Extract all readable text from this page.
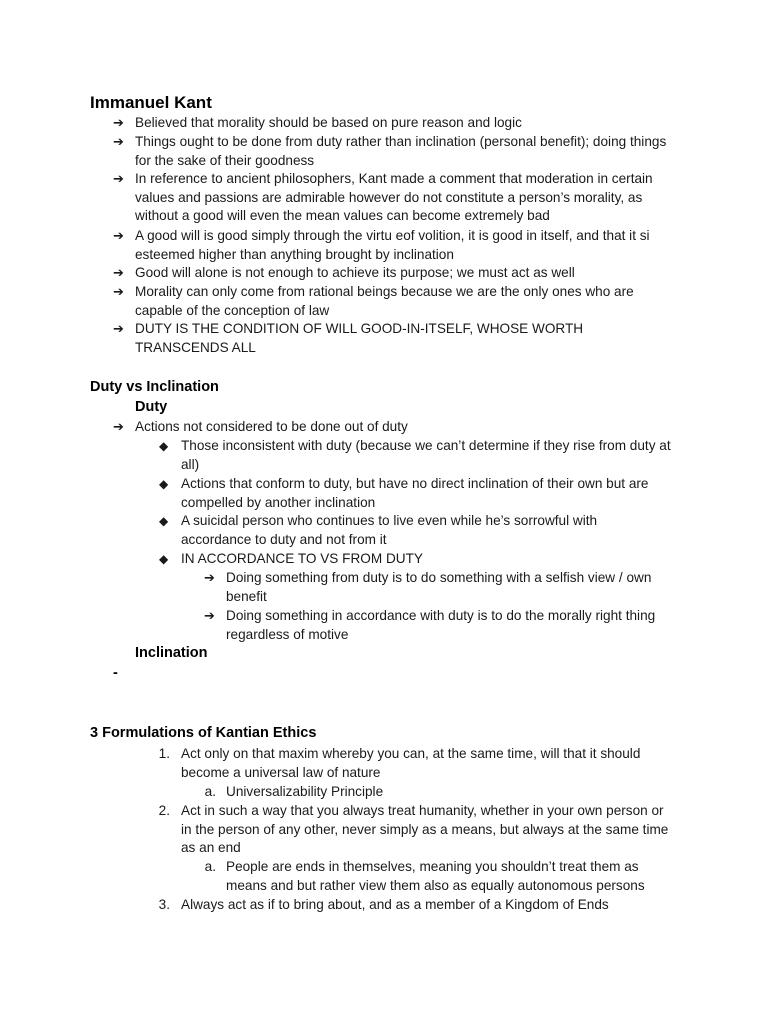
Immanuel Kant
➔ Believed that morality should be based on pure reason and logic
➔ Things ought to be done from duty rather than inclination (personal benefit); doing things
for the sake of their goodness
➔ In reference to ancient philosophers, Kant made a comment that moderation in certain
values and passions are admirable however do not constitute a person’s morality, as
without a good will even the mean values can become extremely bad
➔ A good will is good simply through the virtu eof volition, it is good in itself, and that it si
esteemed higher than anything brought by inclination
➔ Good will alone is not enough to achieve its purpose; we must act as well
➔ Morality can only come from rational beings because we are the only ones who are
capable of the conception of law
➔ DUTY IS THE CONDITION OF WILL GOOD-IN-ITSELF, WHOSE WORTH
TRANSCENDS ALL
Duty vs Inclination
Duty
➔ Actions not considered to be done out of duty
◆ Those inconsistent with duty (because we can’t determine if they rise from duty at
all)
◆ Actions that conform to duty, but have no direct inclination of their own but are
compelled by another inclination
◆ A suicidal person who continues to live even while he’s sorrowful with
accordance to duty and not from it
◆ IN ACCORDANCE TO VS FROM DUTY
➔ Doing something from duty is to do something with a selfish view / own
benefit
➔ Doing something in accordance with duty is to do the morally right thing
regardless of motive
Inclination
-
3 Formulations of Kantian Ethics
1. Act only on that maxim whereby you can, at the same time, will that it should
become a universal law of nature
a. Universalizability Principle
2. Act in such a way that you always treat humanity, whether in your own person or
in the person of any other, never simply as a means, but always at the same time
as an end
a. People are ends in themselves, meaning you shouldn’t treat them as
means and but rather view them also as equally autonomous persons
3. Always act as if to bring about, and as a member of a Kingdom of Ends
